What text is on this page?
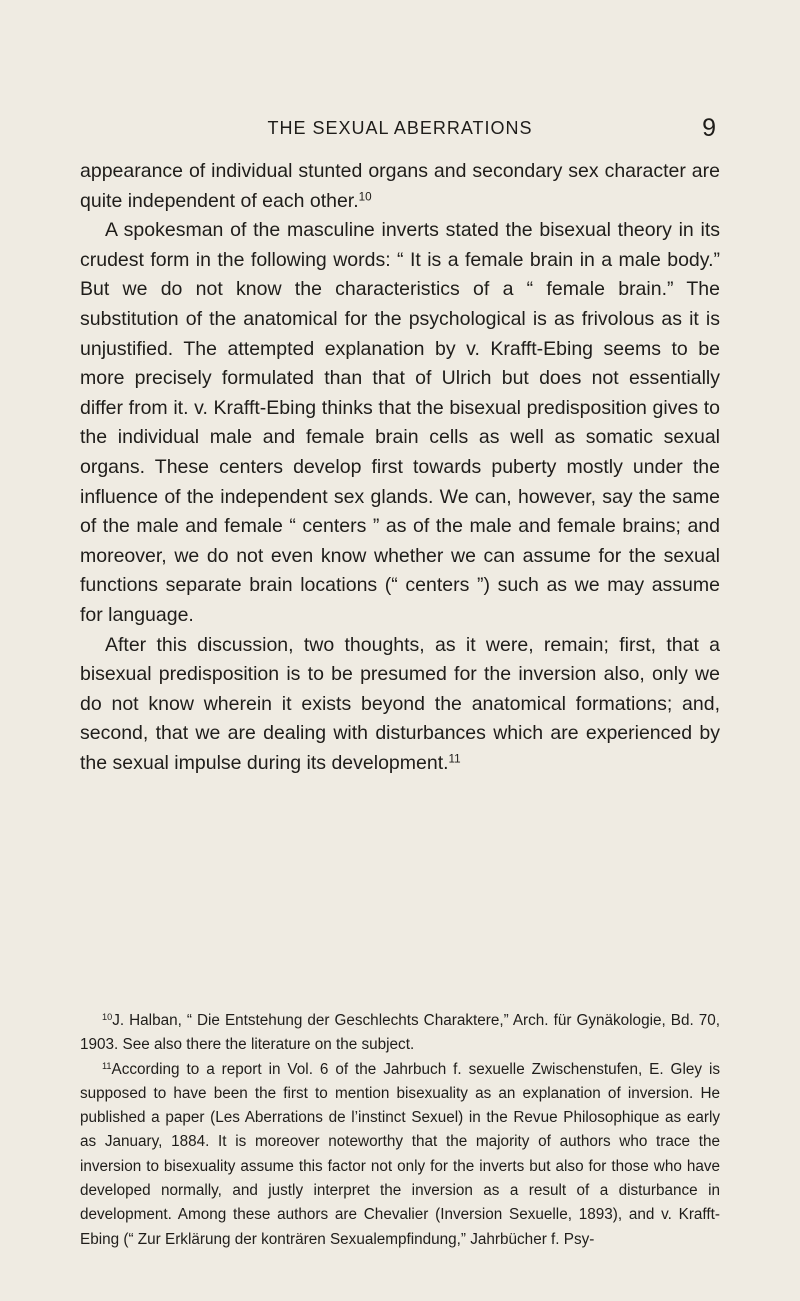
THE SEXUAL ABERRATIONS	9

appearance of individual stunted organs and secondary sex character are quite independent of each other.$^{10}$

A spokesman of the masculine inverts stated the bisexual theory in its crudest form in the following words: “ It is a female brain in a male body.” But we do not know the characteristics of a “ female brain.” The substitution of the anatomical for the psychological is as frivolous as it is unjustified. The attempted explanation by v. Krafft-Ebing seems to be more precisely formulated than that of Ulrich but does not essentially differ from it. v. Krafft-Ebing thinks that the bisexual predisposition gives to the individual male and female brain cells as well as somatic sexual organs. These centers develop first towards puberty mostly under the influence of the independent sex glands. We can, however, say the same of the male and female “ centers ” as of the male and female brains; and moreover, we do not even know whether we can assume for the sexual functions separate brain locations (“ centers ”) such as we may assume for language.

After this discussion, two thoughts, as it were, remain; first, that a bisexual predisposition is to be presumed for the inversion also, only we do not know wherein it exists beyond the anatomical formations; and, second, that we are dealing with disturbances which are experienced by the sexual impulse during its development.$^{11}$

$^{10}$J. Halban, “ Die Entstehung der Geschlechts Charaktere,” Arch. für Gynäkologie, Bd. 70, 1903. See also there the literature on the subject.

$^{11}$According to a report in Vol. 6 of the Jahrbuch f. sexuelle Zwischenstufen, E. Gley is supposed to have been the first to mention bisexuality as an explanation of inversion. He published a paper (Les Aberrations de l’instinct Sexuel) in the Revue Philosophique as early as January, 1884. It is moreover noteworthy that the majority of authors who trace the inversion to bisexuality assume this factor not only for the inverts but also for those who have developed normally, and justly interpret the inversion as a result of a disturbance in development. Among these authors are Chevalier (Inversion Sexuelle, 1893), and v. Krafft-Ebing (“ Zur Erklärung der konträren Sexualempfindung,” Jahrbücher f. Psy-
